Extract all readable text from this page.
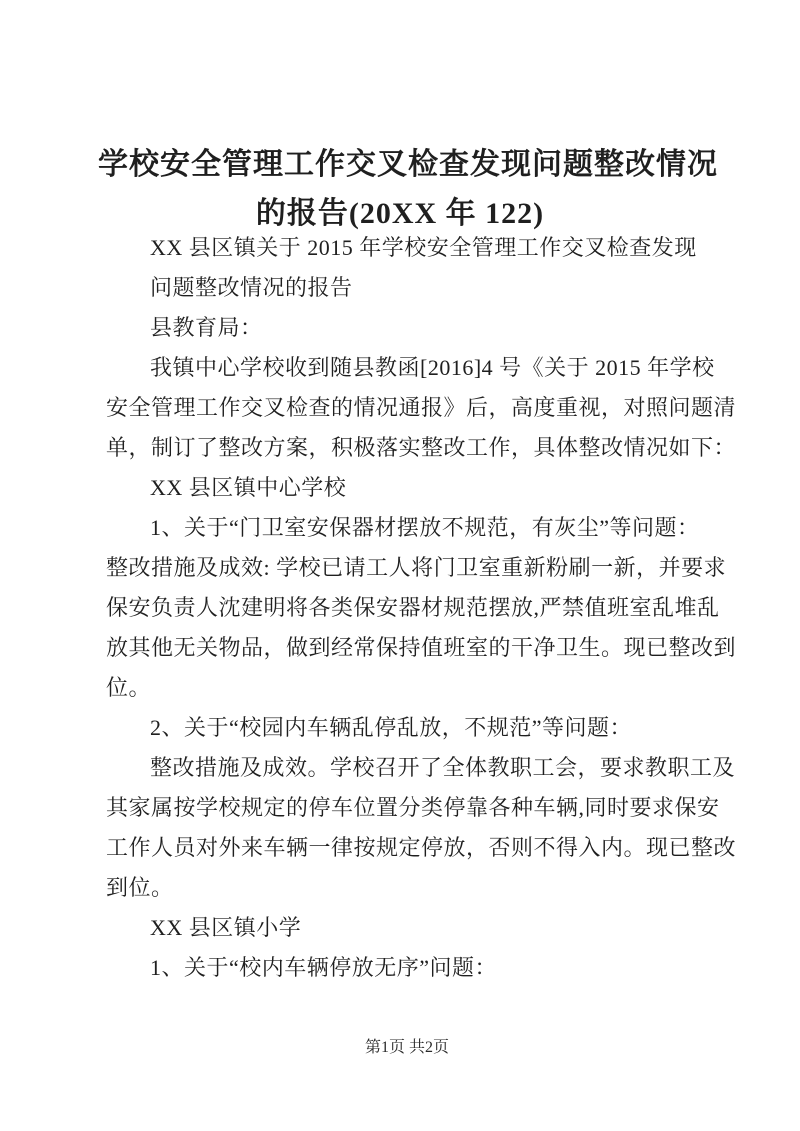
学校安全管理工作交叉检查发现问题整改情况
的报告(20XX 年 122)
XX 县区镇关于 2015 年学校安全管理工作交叉检查发现
问题整改情况的报告
县教育局：
我镇中心学校收到随县教函[2016]4 号《关于 2015 年学校
安全管理工作交叉检查的情况通报》后，高度重视，对照问题清
单，制订了整改方案，积极落实整改工作，具体整改情况如下：
XX 县区镇中心学校
1、关于“门卫室安保器材摆放不规范，有灰尘”等问题：
整改措施及成效: 学校已请工人将门卫室重新粉刷一新，并要求
保安负责人沈建明将各类保安器材规范摆放,严禁值班室乱堆乱
放其他无关物品，做到经常保持值班室的干净卫生。现已整改到
位。
2、关于“校园内车辆乱停乱放，不规范”等问题：
整改措施及成效。学校召开了全体教职工会，要求教职工及
其家属按学校规定的停车位置分类停靠各种车辆,同时要求保安
工作人员对外来车辆一律按规定停放，否则不得入内。现已整改
到位。
XX 县区镇小学
1、关于“校内车辆停放无序”问题：
第1页 共2页
